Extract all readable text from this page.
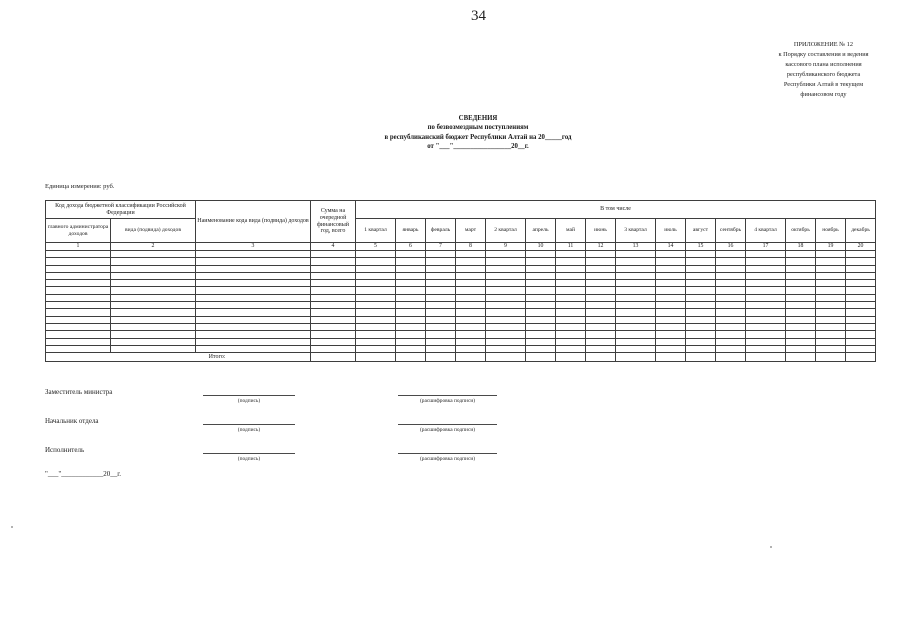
34
ПРИЛОЖЕНИЕ № 12
к Порядку составления и ведения
кассового плана исполнения
республиканского бюджета
Республики Алтай в текущем
финансовом году
СВЕДЕНИЯ
по безвозмездным поступлениям
в республиканский бюджет Республики Алтай на 20_____год
от "___"_________________20__г.
Единица измерения: руб.
Код дохода бюджетной классификации Российской Федерации		Наименование кода вида (подвида) доходов	Сумма на очередной финансовый год, всего	В том числе															
главного администратора доходов	вида (подвида) доходов			1 квартал	январь	февраль	март	2 квартал	апрель	май	июнь	3 квартал	июль	август	сентябрь	4 квартал	октябрь	ноябрь	декабрь
1	2	3	4	5	6	7	8	9	10	11	12	13	14	15	16	17	18	19	20

Итого:																			
Заместитель министра
(подпись)	(расшифровка подписи)
Начальник отдела
(подпись)	(расшифровка подписи)
Исполнитель
(подпись)	(расшифровка подписи)
"___"____________20__г.
